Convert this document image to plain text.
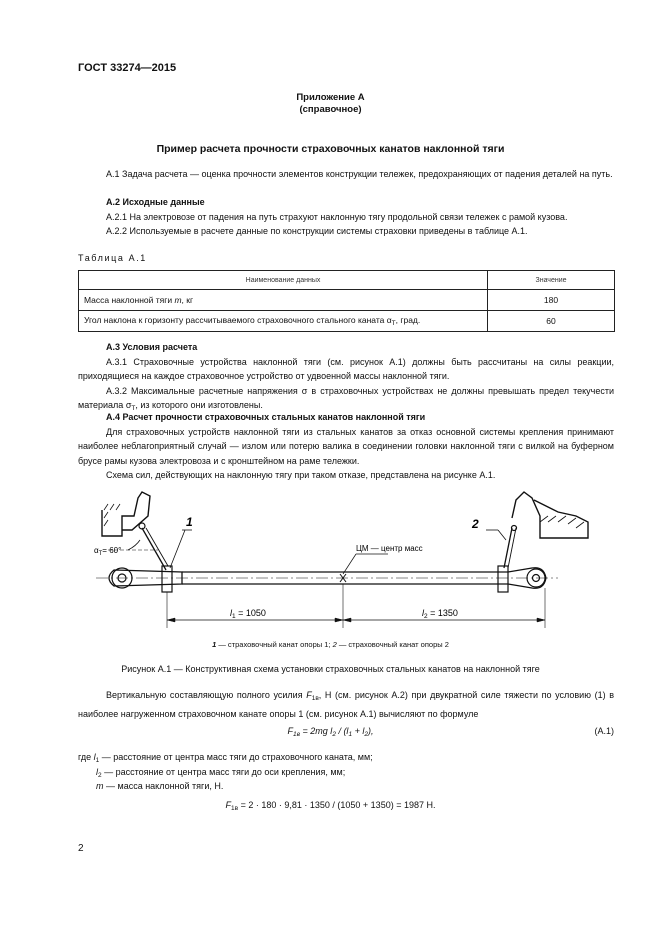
ГОСТ 33274—2015
Приложение А
(справочное)
Пример расчета прочности страховочных канатов наклонной тяги
А.1 Задача расчета — оценка прочности элементов конструкции тележек, предохраняющих от падения деталей на путь.
А.2 Исходные данные
А.2.1 На электровозе от падения на путь страхуют наклонную тягу продольной связи тележек с рамой кузова.
А.2.2 Используемые в расчете данные по конструкции системы страховки приведены в таблице А.1.
Таблица А.1
Наименование данных	Значение
Масса наклонной тяги m, кг	180
Угол наклона к горизонту рассчитываемого страховочного стального каната $\alpha_Т$, град.	60
А.3 Условия расчета
А.3.1 Страховочные устройства наклонной тяги (см. рисунок А.1) должны быть рассчитаны на силы реакции, приходящиеся на каждое страховочное устройство от удвоенной массы наклонной тяги.
А.3.2 Максимальные расчетные напряжения σ в страховочных устройствах не должны превышать предел текучести материала $\sigma_Т$, из которого они изготовлены.
А.4 Расчет прочности страховочных стальных канатов наклонной тяги
Для страховочных устройств наклонной тяги из стальных канатов за отказ основной системы крепления принимают наиболее неблагоприятный случай — излом или потерю валика в соединении головки наклонной тяги с вилкой на буферном брусе рамы кузова электровоза и с кронштейном на раме тележки.
Схема сил, действующих на наклонную тягу при таком отказе, представлена на рисунке А.1.
1	2
$\alpha_Т= 60^\circ$	ЦМ — центр масс
$l_1 = 1050$	$l_2 = 1350$
1 — страховочный канат опоры 1; 2 — страховочный канат опоры 2
Рисунок А.1 — Конструктивная схема установки страховочных стальных канатов на наклонной тяге
Вертикальную составляющую полного усилия $F_{1в}$, Н (см. рисунок А.2) при двукратной силе тяжести по условию (1) в наиболее нагруженном страховочном канате опоры 1 (см. рисунок А.1) вычисляют по формуле
$F_{1в} = 2mg$ $l_2 / (l_1 + l_2)$,	(А.1)
где $l_1$ — расстояние от центра масс тяги до страховочного каната, мм;
$l_2$ — расстояние от центра масс тяги до оси крепления, мм;
m — масса наклонной тяги, Н.
$F_{1в} = 2 \cdot 180 \cdot 9,81 \cdot 1350 / (1050 + 1350) = 1987$ Н.
2
